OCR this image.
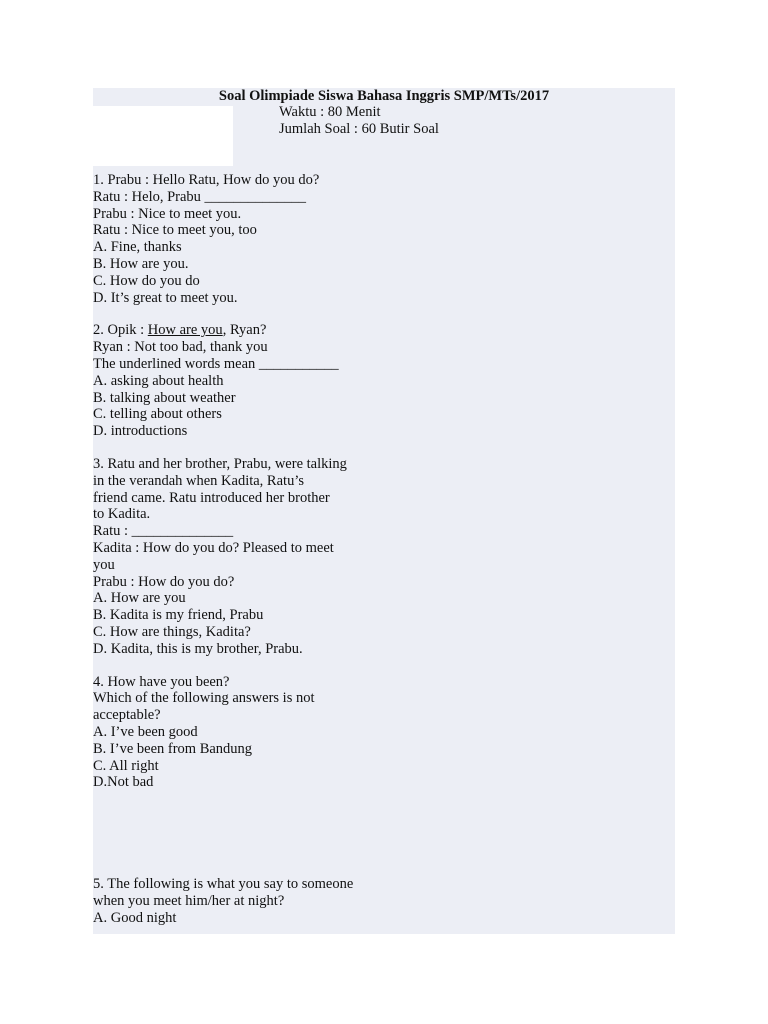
Soal Olimpiade Siswa Bahasa Inggris SMP/MTs/2017
Waktu : 80 Menit
Jumlah Soal : 60 Butir Soal
1. Prabu : Hello Ratu, How do you do?
Ratu : Helo, Prabu ______________
Prabu : Nice to meet you.
Ratu : Nice to meet you, too
A. Fine, thanks
B. How are you.
C. How do you do
D. It’s great to meet you.
2. Opik : How are you, Ryan?
Ryan : Not too bad, thank you
The underlined words mean ___________
A. asking about health
B. talking about weather
C. telling about others
D. introductions
3. Ratu and her brother, Prabu, were talking
in the verandah when Kadita, Ratu’s
friend came. Ratu introduced her brother
to Kadita.
Ratu : ______________
Kadita : How do you do? Pleased to meet
you
Prabu : How do you do?
A. How are you
B. Kadita is my friend, Prabu
C. How are things, Kadita?
D. Kadita, this is my brother, Prabu.
4. How have you been?
Which of the following answers is not
acceptable?
A. I’ve been good
B. I’ve been from Bandung
C. All right
D.Not bad
5. The following is what you say to someone
when you meet him/her at night?
A. Good night
